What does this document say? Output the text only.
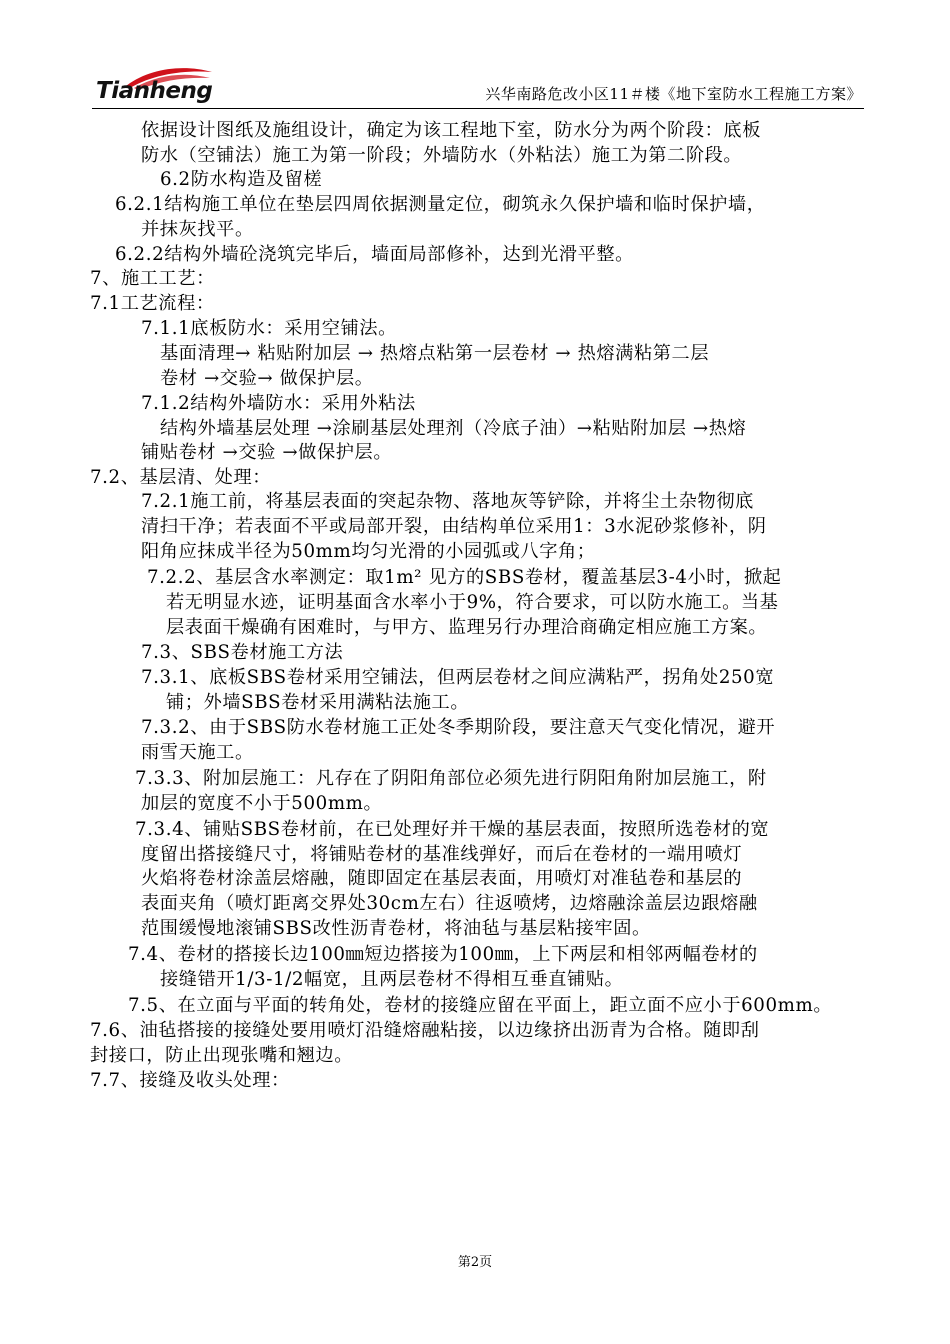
Tianheng	兴华南路危改小区11＃楼《地下室防水工程施工方案》
依据设计图纸及施组设计，确定为该工程地下室，防水分为两个阶段：底板
防水（空铺法）施工为第一阶段；外墙防水（外粘法）施工为第二阶段。
6.2防水构造及留槎
6.2.1结构施工单位在垫层四周依据测量定位，砌筑永久保护墙和临时保护墙，
并抹灰找平。
6.2.2结构外墙砼浇筑完毕后，墙面局部修补，达到光滑平整。
7、施工工艺：
7.1工艺流程：
7.1.1底板防水：采用空铺法。
基面清理→ 粘贴附加层 → 热熔点粘第一层卷材 → 热熔满粘第二层
卷材 →交验→ 做保护层。
7.1.2结构外墙防水：采用外粘法
结构外墙基层处理 →涂刷基层处理剂（冷底子油）→粘贴附加层 →热熔
铺贴卷材 →交验 →做保护层。
7.2、基层清、处理：
7.2.1施工前，将基层表面的突起杂物、落地灰等铲除，并将尘土杂物彻底
清扫干净；若表面不平或局部开裂，由结构单位采用1：3水泥砂浆修补，阴
阳角应抹成半径为50mm均匀光滑的小园弧或八字角；
7.2.2、基层含水率测定：取1m² 见方的SBS卷材，覆盖基层3-4小时，掀起
若无明显水迹，证明基面含水率小于9%，符合要求，可以防水施工。当基
层表面干燥确有困难时，与甲方、监理另行办理洽商确定相应施工方案。
7.3、SBS卷材施工方法
7.3.1、底板SBS卷材采用空铺法，但两层卷材之间应满粘严，拐角处250宽
铺；外墙SBS卷材采用满粘法施工。
7.3.2、由于SBS防水卷材施工正处冬季期阶段，要注意天气变化情况，避开
雨雪天施工。
7.3.3、附加层施工：凡存在了阴阳角部位必须先进行阴阳角附加层施工，附
加层的宽度不小于500mm。
7.3.4、铺贴SBS卷材前，在已处理好并干燥的基层表面，按照所选卷材的宽
度留出搭接缝尺寸，将铺贴卷材的基准线弹好，而后在卷材的一端用喷灯
火焰将卷材涂盖层熔融，随即固定在基层表面，用喷灯对准毡卷和基层的
表面夹角（喷灯距离交界处30cm左右）往返喷烤，边熔融涂盖层边跟熔融
范围缓慢地滚铺SBS改性沥青卷材，将油毡与基层粘接牢固。
7.4、卷材的搭接长边100㎜短边搭接为100㎜，上下两层和相邻两幅卷材的
接缝错开1/3-1/2幅宽，且两层卷材不得相互垂直铺贴。
7.5、在立面与平面的转角处，卷材的接缝应留在平面上，距立面不应小于600mm。
7.6、油毡搭接的接缝处要用喷灯沿缝熔融粘接，以边缘挤出沥青为合格。随即刮
封接口，防止出现张嘴和翘边。
7.7、接缝及收头处理：
第2页
